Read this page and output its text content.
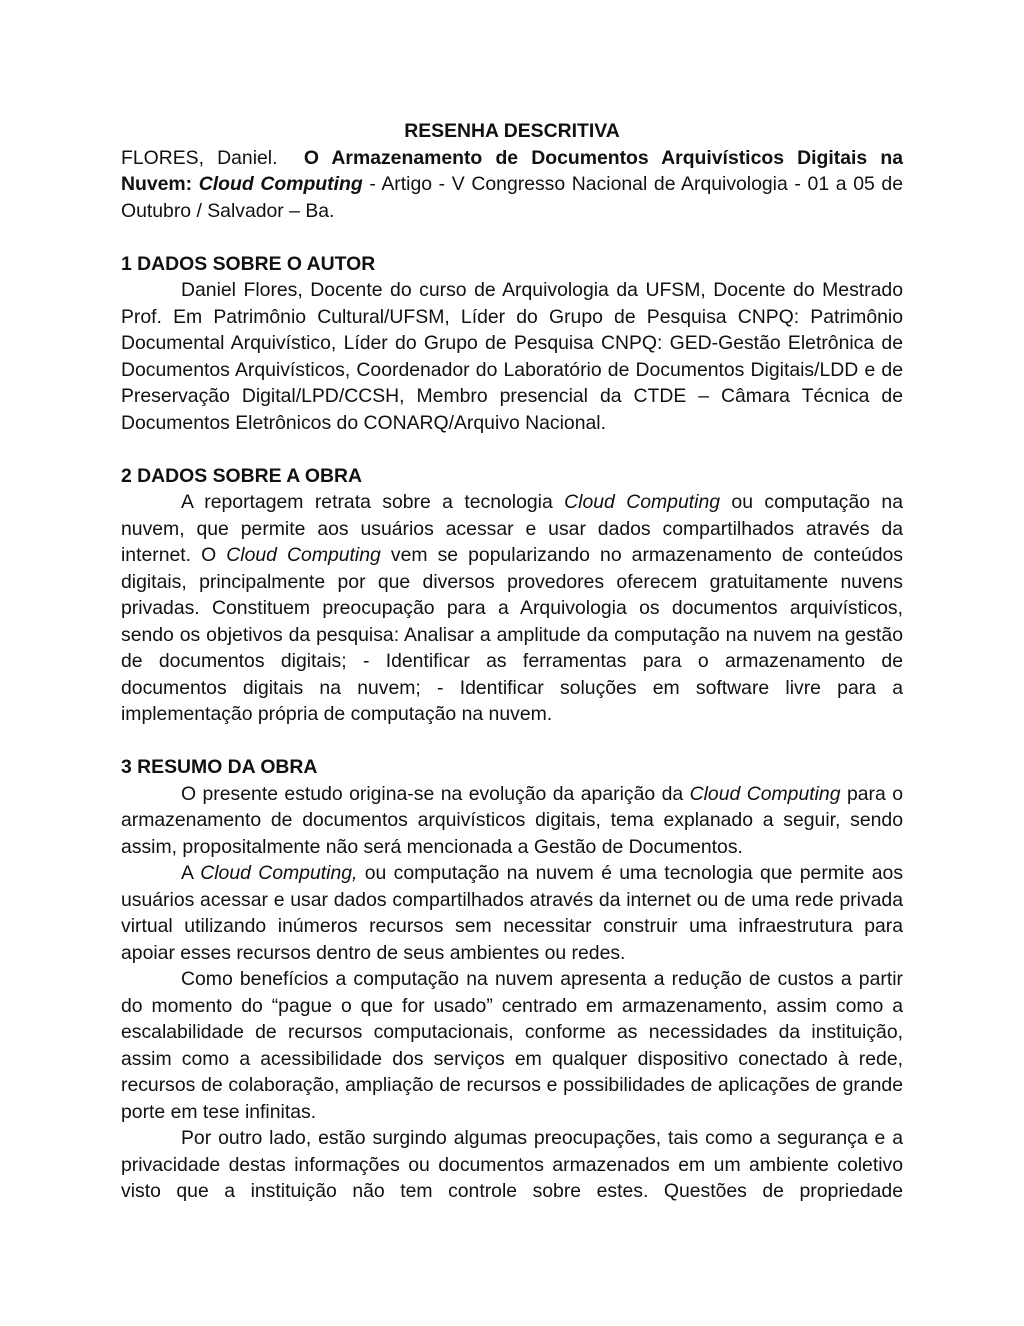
RESENHA DESCRITIVA

FLORES, Daniel. O Armazenamento de Documentos Arquivísticos Digitais na Nuvem: Cloud Computing - Artigo - V Congresso Nacional de Arquivologia - 01 a 05 de Outubro / Salvador – Ba.

1 DADOS SOBRE O AUTOR

Daniel Flores, Docente do curso de Arquivologia da UFSM, Docente do Mestrado Prof. Em Patrimônio Cultural/UFSM, Líder do Grupo de Pesquisa CNPQ: Patrimônio Documental Arquivístico, Líder do Grupo de Pesquisa CNPQ: GED-Gestão Eletrônica de Documentos Arquivísticos, Coordenador do Laboratório de Documentos Digitais/LDD e de Preservação Digital/LPD/CCSH, Membro presencial da CTDE – Câmara Técnica de Documentos Eletrônicos do CONARQ/Arquivo Nacional.

2 DADOS SOBRE A OBRA

A reportagem retrata sobre a tecnologia Cloud Computing ou computação na nuvem, que permite aos usuários acessar e usar dados compartilhados através da internet. O Cloud Computing vem se popularizando no armazenamento de conteúdos digitais, principalmente por que diversos provedores oferecem gratuitamente nuvens privadas. Constituem preocupação para a Arquivologia os documentos arquivísticos, sendo os objetivos da pesquisa: Analisar a amplitude da computação na nuvem na gestão de documentos digitais; - Identificar as ferramentas para o armazenamento de documentos digitais na nuvem; - Identificar soluções em software livre para a implementação própria de computação na nuvem.

3 RESUMO DA OBRA

O presente estudo origina-se na evolução da aparição da Cloud Computing para o armazenamento de documentos arquivísticos digitais, tema explanado a seguir, sendo assim, propositalmente não será mencionada a Gestão de Documentos.

A Cloud Computing, ou computação na nuvem é uma tecnologia que permite aos usuários acessar e usar dados compartilhados através da internet ou de uma rede privada virtual utilizando inúmeros recursos sem necessitar construir uma infraestrutura para apoiar esses recursos dentro de seus ambientes ou redes.

Como benefícios a computação na nuvem apresenta a redução de custos a partir do momento do “pague o que for usado” centrado em armazenamento, assim como a escalabilidade de recursos computacionais, conforme as necessidades da instituição, assim como a acessibilidade dos serviços em qualquer dispositivo conectado à rede, recursos de colaboração, ampliação de recursos e possibilidades de aplicações de grande porte em tese infinitas.

Por outro lado, estão surgindo algumas preocupações, tais como a segurança e a privacidade destas informações ou documentos armazenados em um ambiente coletivo visto que a instituição não tem controle sobre estes. Questões de propriedade
